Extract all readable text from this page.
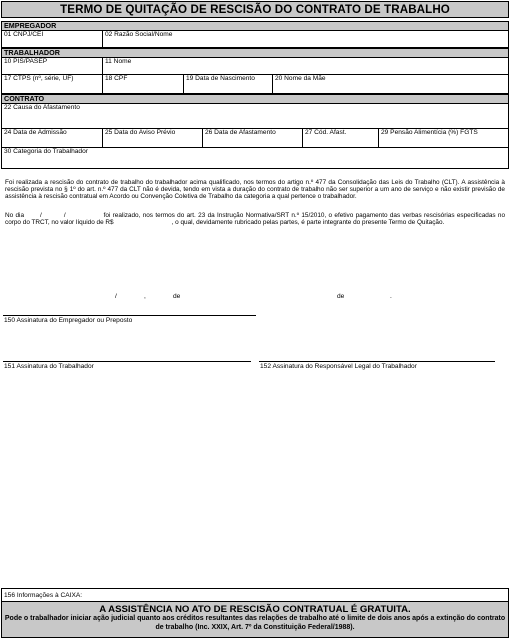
TERMO DE QUITAÇÃO DE RESCISÃO DO CONTRATO DE TRABALHO
EMPREGADOR
01 CNPJ/CEI	02 Razão Social/Nome
TRABALHADOR
10 PIS/PASEP	11 Nome
17 CTPS (nº, série, UF)	18 CPF	19 Data de Nascimento	20 Nome da Mãe
CONTRATO
22 Causa do Afastamento
24 Data de Admissão	25 Data do Aviso Prévio	26 Data de Afastamento	27 Cód. Afast.	29 Pensão Alimentícia (%) FGTS
30 Categoria do Trabalhador
Foi realizada a rescisão do contrato de trabalho do trabalhador acima qualificado, nos termos do artigo n.º 477 da Consolidação das Leis do Trabalho (CLT). A assistência à rescisão prevista no § 1º do art. n.º 477 da CLT não é devida, tendo em vista a duração do contrato de trabalho não ser superior a um ano de serviço e não existir previsão de assistência à rescisão contratual em Acordo ou Convenção Coletiva de Trabalho da categoria a qual pertence o trabalhador.
No dia	/	/	foi realizado, nos termos do art. 23 da Instrução Normativa/SRT n.º 15/2010, o efetivo pagamento das verbas rescisórias especificadas no corpo do TRCT, no valor líquido de R$	, o qual, devidamente rubricado pelas partes, é parte integrante do presente Termo de Quitação.
/	,	de	de	.
150 Assinatura do Empregador ou Preposto
151 Assinatura do Trabalhador	152 Assinatura do Responsável Legal do Trabalhador
156 Informações à CAIXA:
A ASSISTÊNCIA NO ATO DE RESCISÃO CONTRATUAL É GRATUITA.
Pode o trabalhador iniciar ação judicial quanto aos créditos resultantes das relações de trabalho até o limite de dois anos após a extinção do contrato de trabalho (Inc. XXIX, Art. 7º da Constituição Federal/1988).
